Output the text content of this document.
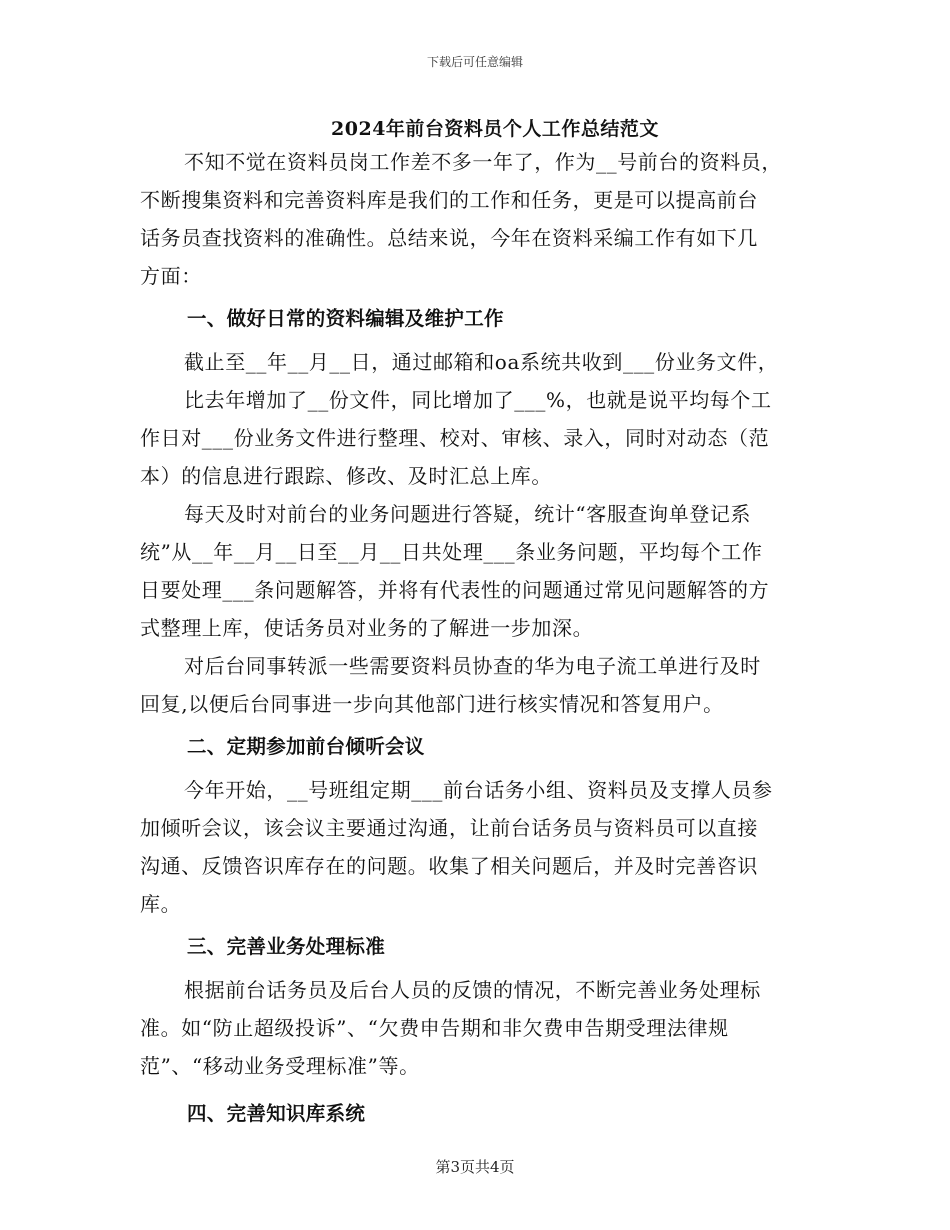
下载后可任意编辑
2024年前台资料员个人工作总结范文
不知不觉在资料员岗工作差不多一年了，作为__号前台的资料员，
不断搜集资料和完善资料库是我们的工作和任务，更是可以提高前台
话务员查找资料的准确性。总结来说，今年在资料采编工作有如下几
方面：
一、做好日常的资料编辑及维护工作
截止至__年__月__日，通过邮箱和oa系统共收到___份业务文件，
比去年增加了__份文件，同比增加了___%，也就是说平均每个工
作日对___份业务文件进行整理、校对、审核、录入，同时对动态（范
本）的信息进行跟踪、修改、及时汇总上库。
每天及时对前台的业务问题进行答疑，统计“客服查询单登记系
统”从__年__月__日至__月__日共处理___条业务问题，平均每个工作
日要处理___条问题解答，并将有代表性的问题通过常见问题解答的方
式整理上库，使话务员对业务的了解进一步加深。
对后台同事转派一些需要资料员协查的华为电子流工单进行及时
回复,以便后台同事进一步向其他部门进行核实情况和答复用户。
二、定期参加前台倾听会议
今年开始，__号班组定期___前台话务小组、资料员及支撑人员参
加倾听会议，该会议主要通过沟通，让前台话务员与资料员可以直接
沟通、反馈咨识库存在的问题。收集了相关问题后，并及时完善咨识
库。
三、完善业务处理标准
根据前台话务员及后台人员的反馈的情况，不断完善业务处理标
准。如“防止超级投诉”、“欠费申告期和非欠费申告期受理法律规
范”、“移动业务受理标准”等。
四、完善知识库系统
第3页共4页
